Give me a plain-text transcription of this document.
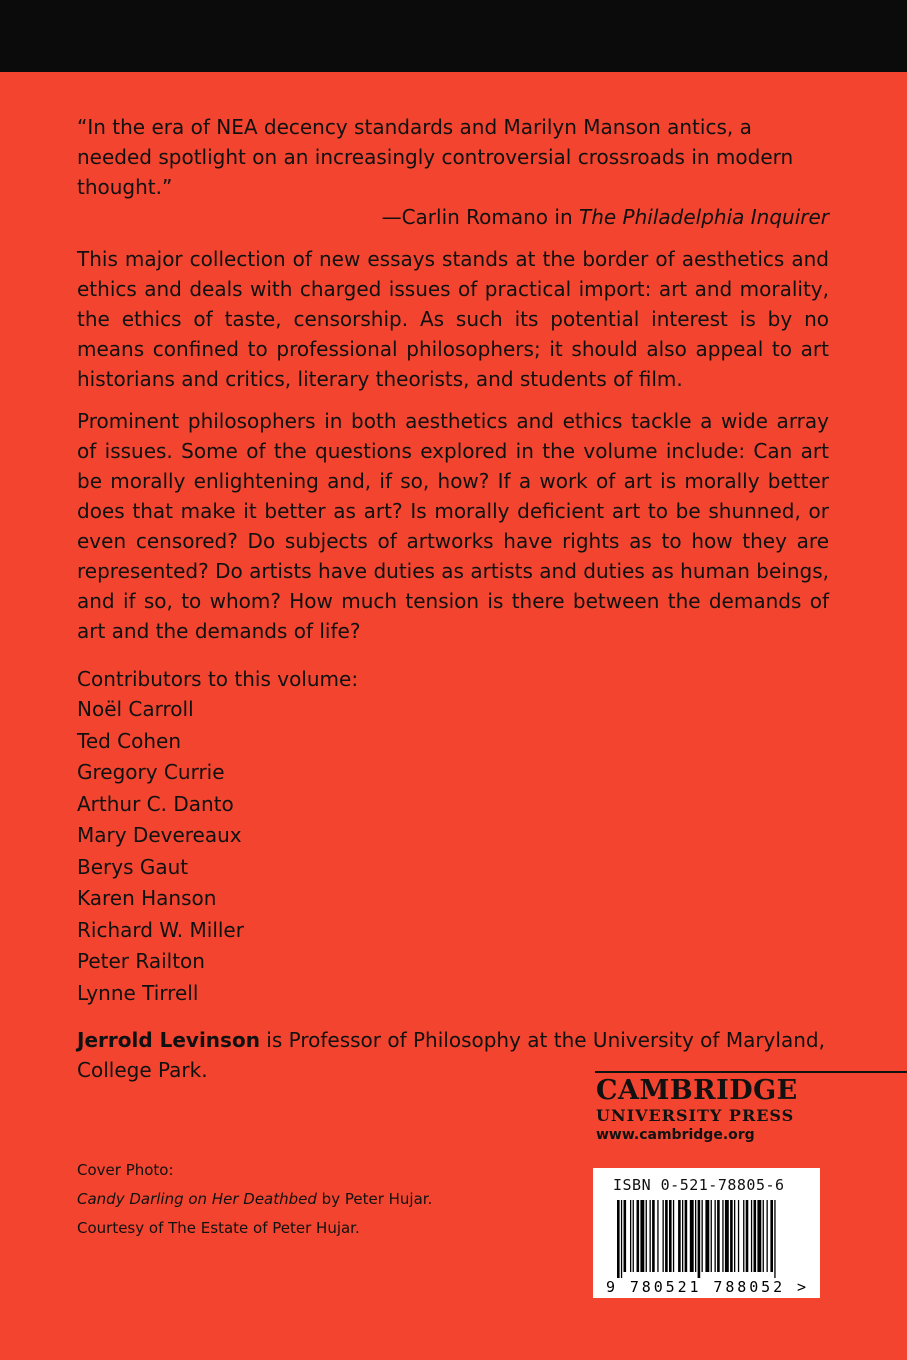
“In the era of NEA decency standards and Marilyn Manson antics, a needed spotlight on an increasingly controversial crossroads in modern thought.”

—Carlin Romano in The Philadelphia Inquirer

This major collection of new essays stands at the border of aesthetics and ethics and deals with charged issues of practical import: art and morality, the ethics of taste, censorship. As such its potential interest is by no means confined to professional philosophers; it should also appeal to art historians and critics, literary theorists, and students of film.

Prominent philosophers in both aesthetics and ethics tackle a wide array of issues. Some of the questions explored in the volume include: Can art be morally enlightening and, if so, how? If a work of art is morally better does that make it better as art? Is morally deficient art to be shunned, or even censored? Do subjects of artworks have rights as to how they are represented? Do artists have duties as artists and duties as human beings, and if so, to whom? How much tension is there between the demands of art and the demands of life?

Contributors to this volume:

Noël Carroll
Ted Cohen
Gregory Currie
Arthur C. Danto
Mary Devereaux
Berys Gaut
Karen Hanson
Richard W. Miller
Peter Railton
Lynne Tirrell

Jerrold Levinson is Professor of Philosophy at the University of Maryland, College Park.

CAMBRIDGE
UNIVERSITY PRESS
www.cambridge.org
Cover Photo:
Candy Darling on Her Deathbed by Peter Hujar.
Courtesy of The Estate of Peter Hujar.
ISBN 0-521-78805-6
9 780521 788052 >
